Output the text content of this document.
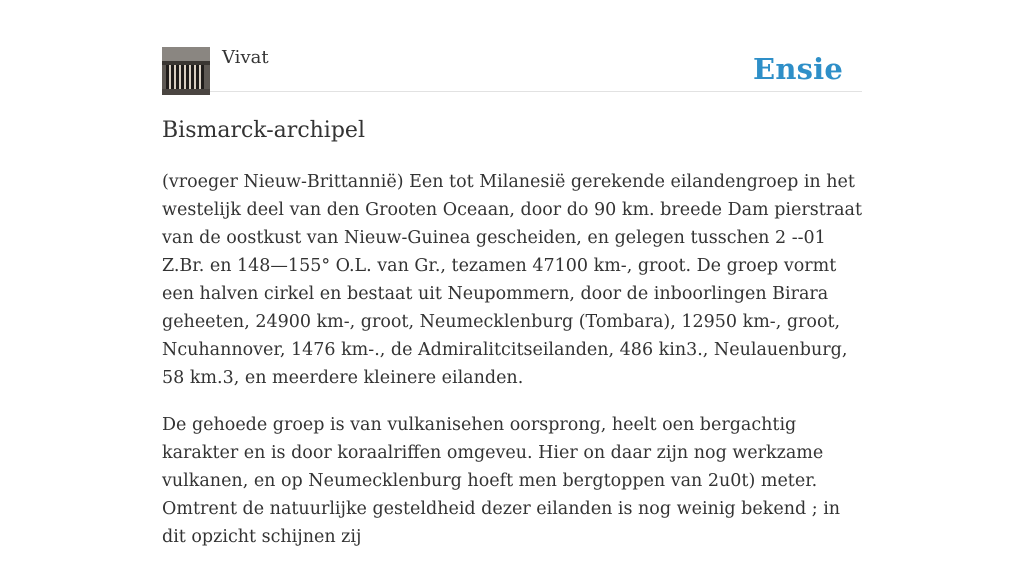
Vivat	Ensie
Bismarck-archipel

(vroeger Nieuw-Brittannië) Een tot Milanesië gerekende eilandengroep in het westelijk deel van den Grooten Oceaan, door do 90 km. breede Dam pierstraat van de oostkust van Nieuw-Guinea gescheiden, en gelegen tusschen 2 --01 Z.Br. en 148—155° O.L. van Gr., tezamen 47100 km-, groot. De groep vormt een halven cirkel en bestaat uit Neupommern, door de inboorlingen Birara geheeten, 24900 km-, groot, Neumecklenburg (Tombara), 12950 km-, groot, Ncuhannover, 1476 km-., de Admiralitcitseilanden, 486 kin3., Neulauenburg, 58 km.3, en meerdere kleinere eilanden.

De gehoede groep is van vulkanisehen oorsprong, heelt oen bergachtig karakter en is door koraalriffen omgeveu. Hier on daar zijn nog werkzame vulkanen, en op Neumecklenburg hoeft men bergtoppen van 2u0t) meter. Omtrent de natuurlijke gesteldheid dezer eilanden is nog weinig bekend ; in dit opzicht schijnen zij
